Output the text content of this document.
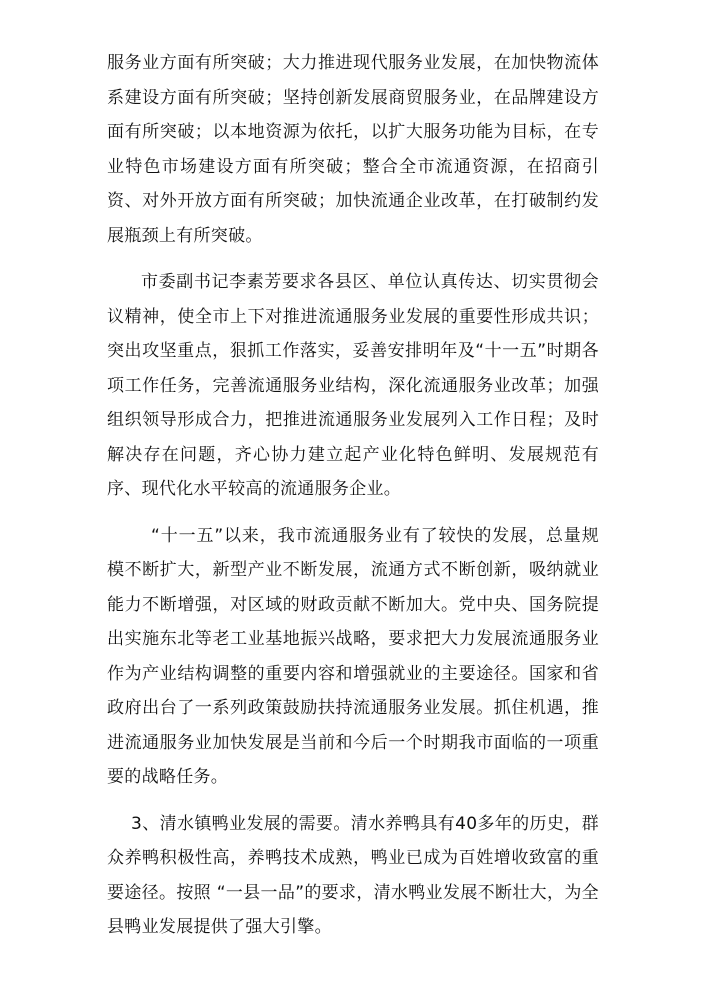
服务业方面有所突破；大力推进现代服务业发展，在加快物流体系建设方面有所突破；坚持创新发展商贸服务业，在品牌建设方面有所突破；以本地资源为依托，以扩大服务功能为目标，在专业特色市场建设方面有所突破；整合全市流通资源，在招商引资、对外开放方面有所突破；加快流通企业改革，在打破制约发展瓶颈上有所突破。

市委副书记李素芳要求各县区、单位认真传达、切实贯彻会议精神，使全市上下对推进流通服务业发展的重要性形成共识；突出攻坚重点，狠抓工作落实，妥善安排明年及“十一五”时期各项工作任务，完善流通服务业结构，深化流通服务业改革；加强组织领导形成合力，把推进流通服务业发展列入工作日程；及时解决存在问题，齐心协力建立起产业化特色鲜明、发展规范有序、现代化水平较高的流通服务企业。

“十一五”以来，我市流通服务业有了较快的发展，总量规模不断扩大，新型产业不断发展，流通方式不断创新，吸纳就业能力不断增强，对区域的财政贡献不断加大。党中央、国务院提出实施东北等老工业基地振兴战略，要求把大力发展流通服务业作为产业结构调整的重要内容和增强就业的主要途径。国家和省政府出台了一系列政策鼓励扶持流通服务业发展。抓住机遇，推进流通服务业加快发展是当前和今后一个时期我市面临的一项重要的战略任务。

3、清水镇鸭业发展的需要。清水养鸭具有40多年的历史，群众养鸭积极性高，养鸭技术成熟，鸭业已成为百姓增收致富的重要途径。按照 “一县一品”的要求，清水鸭业发展不断壮大，为全县鸭业发展提供了强大引擎。
